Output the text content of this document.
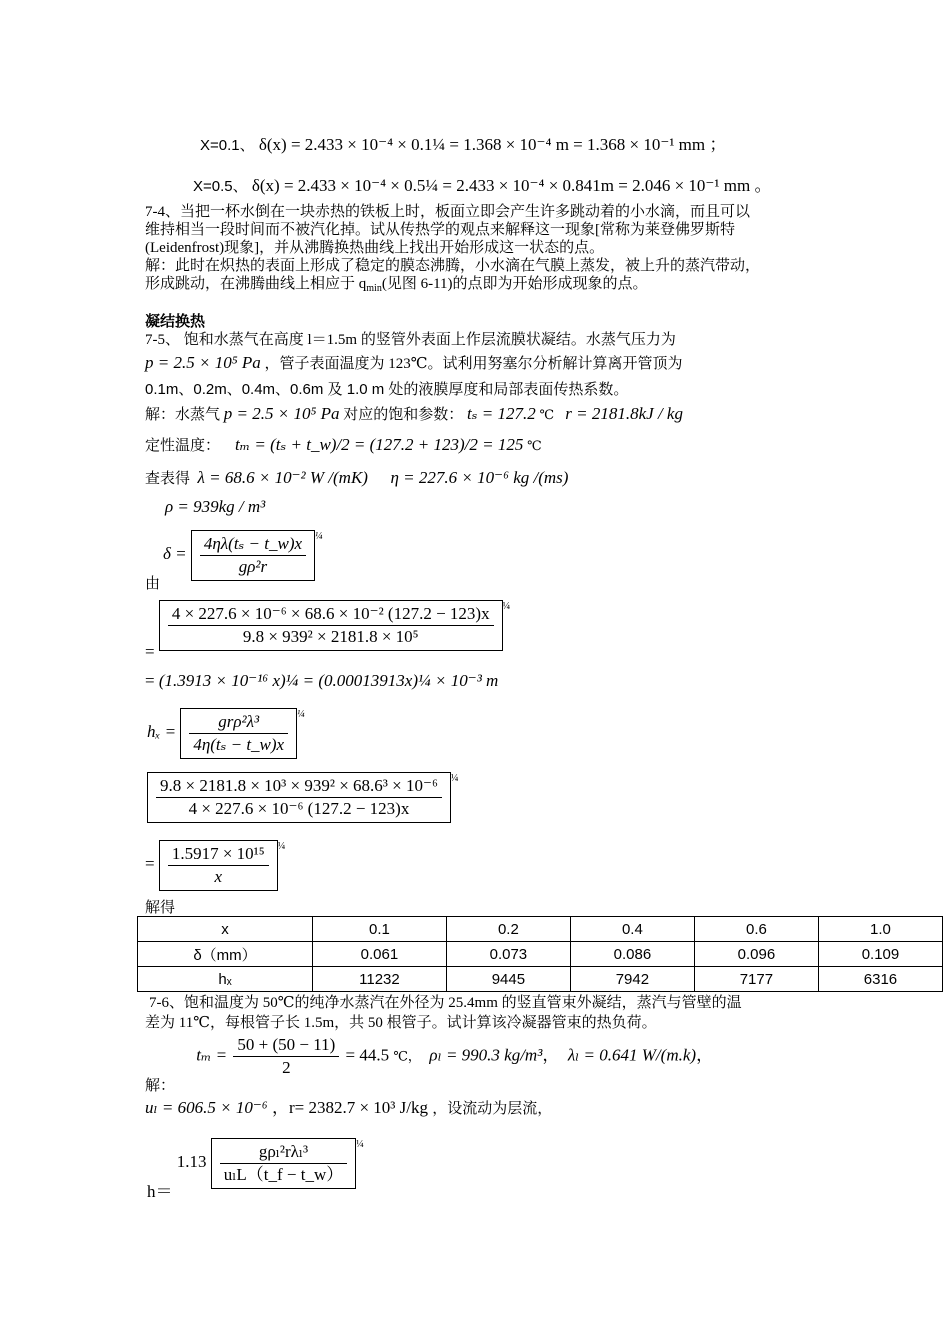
X=0.1、 δ(x) = 2.433 × 10⁻⁴ × 0.1¼ = 1.368 × 10⁻⁴ m = 1.368 × 10⁻¹ mm ；
X=0.5、 δ(x) = 2.433 × 10⁻⁴ × 0.5¼ = 2.433 × 10⁻⁴ × 0.841m = 2.046 × 10⁻¹ mm 。
7-4、当把一杯水倒在一块赤热的铁板上时，板面立即会产生许多跳动着的小水滴，而且可以
维持相当一段时间而不被汽化掉。试从传热学的观点来解释这一现象[常称为莱登佛罗斯特
(Leidenfrost)现象]，并从沸腾换热曲线上找出开始形成这一状态的点。
解：此时在炽热的表面上形成了稳定的膜态沸腾，小水滴在气膜上蒸发，被上升的蒸汽带动，
形成跳动，在沸腾曲线上相应于 $q_{min}$(见图 6-11)的点即为开始形成现象的点。
凝结换热
7-5、 饱和水蒸气在高度 l＝1.5m 的竖管外表面上作层流膜状凝结。水蒸气压力为
p = 2.5 × 10⁵ Pa ，管子表面温度为 123℃。试利用努塞尔分析解计算离开管顶为
0.1m、0.2m、0.4m、0.6m 及 1.0 m 处的液膜厚度和局部表面传热系数。
解：水蒸气 p = 2.5 × 10⁵ Pa 对应的饱和参数： tₛ = 127.2 ℃ r = 2181.8kJ / kg
定性温度： tₘ = (tₛ + t_w)/2 = (127.2 + 123)/2 = 125 ℃
查表得 λ = 68.6 × 10⁻² W /(mK) η = 227.6 × 10⁻⁶ kg /(ms)
ρ = 939kg / m³
$\delta = \frac{\text{4ηλ(tₛ − t\_w)x}}{\text{gρ²r}} ^{\frac{1}{4}}$
由
=
$\frac{\text{4 × 227.6 × 10⁻⁶ × 68.6 × 10⁻² (127.2 − 123)x}}{\text{9.8 × 939² × 2181.8 × 10⁵}} ^{\frac{1}{4}}$
= (1.3913 × 10⁻¹⁶ x)¼ = (0.00013913x)¼ × 10⁻³ m
$h_x = \frac{\text{grρ²λ³}}{\text{4η(tₛ − t\_w)x}} ^{\frac{1}{4}}$
$\frac{\text{9.8 × 2181.8 × 10³ × 939² × 68.6³ × 10⁻⁶}}{\text{4 × 227.6 × 10⁻⁶ (127.2 − 123)x}} ^{\frac{1}{4}}$
= $\frac{\text{1.5917 × 10¹⁵}}{x} ^{\frac{1}{4}}$
解得
x	0.1	0.2	0.4	0.6	1.0
δ（mm）	0.061	0.073	0.086	0.096	0.109
hₓ	11232	9445	7942	7177	6316
7-6、饱和温度为 50℃的纯净水蒸汽在外径为 25.4mm 的竖直管束外凝结，蒸汽与管壁的温
差为 11℃，每根管子长 1.5m，共 50 根管子。试计算该冷凝器管束的热负荷。
解：     $t_m = \frac{50 + (50 - 11)}{2} = 44.5$ ℃， ρₗ = 990.3 kg/m³，  λₗ = 0.641 W/(m.k)，
uₗ = 606.5 × 10⁻⁶ ，r= 2382.7 × 10³ J/kg ，设流动为层流，
$h= 1.13 \frac{\text{gρₗ²rλₗ³}}{\text{uₗL（t\_f − t\_w）}} ^{\frac{1}{4}}$
